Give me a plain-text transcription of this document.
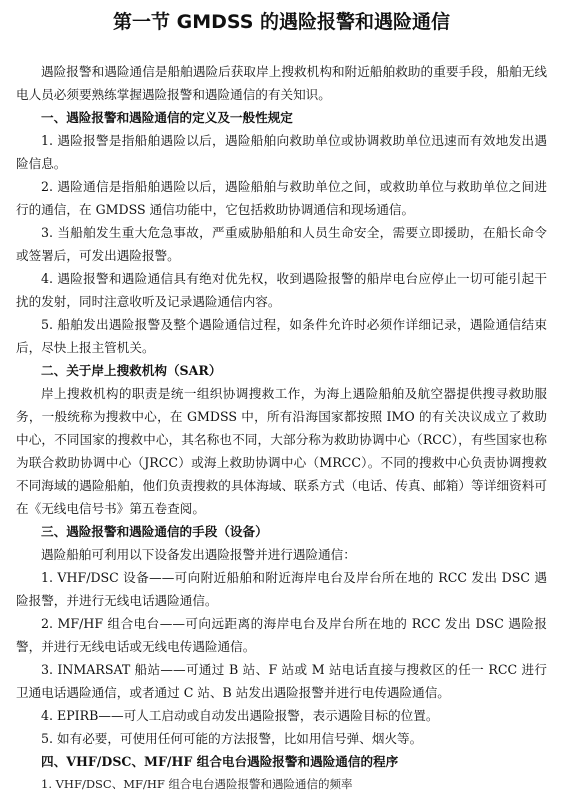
第一节 GMDSS 的遇险报警和遇险通信
遇险报警和遇险通信是船舶遇险后获取岸上搜救机构和附近船舶救助的重要手段，船舶无线电人员必须要熟练掌握遇险报警和遇险通信的有关知识。
一、遇险报警和遇险通信的定义及一般性规定
1. 遇险报警是指船舶遇险以后，遇险船舶向救助单位或协调救助单位迅速而有效地发出遇险信息。
2. 遇险通信是指船舶遇险以后，遇险船舶与救助单位之间，或救助单位与救助单位之间进行的通信，在 GMDSS 通信功能中，它包括救助协调通信和现场通信。
3. 当船舶发生重大危急事故，严重威胁船舶和人员生命安全，需要立即援助，在船长命令或签署后，可发出遇险报警。
4. 遇险报警和遇险通信具有绝对优先权，收到遇险报警的船岸电台应停止一切可能引起干扰的发射，同时注意收听及记录遇险通信内容。
5. 船舶发出遇险报警及整个遇险通信过程，如条件允许时必须作详细记录，遇险通信结束后，尽快上报主管机关。
二、关于岸上搜救机构（SAR）
岸上搜救机构的职责是统一组织协调搜救工作，为海上遇险船舶及航空器提供搜寻救助服务，一般统称为搜救中心，在 GMDSS 中，所有沿海国家都按照 IMO 的有关决议成立了救助中心，不同国家的搜救中心，其名称也不同，大部分称为救助协调中心（RCC），有些国家也称为联合救助协调中心（JRCC）或海上救助协调中心（MRCC）。不同的搜救中心负责协调搜救不同海域的遇险船舶，他们负责搜救的具体海域、联系方式（电话、传真、邮箱）等详细资料可在《无线电信号书》第五卷查阅。
三、遇险报警和遇险通信的手段（设备）
遇险船舶可利用以下设备发出遇险报警并进行遇险通信：
1. VHF/DSC 设备——可向附近船舶和附近海岸电台及岸台所在地的 RCC 发出 DSC 遇险报警，并进行无线电话遇险通信。
2. MF/HF 组合电台——可向远距离的海岸电台及岸台所在地的 RCC 发出 DSC 遇险报警，并进行无线电话或无线电传遇险通信。
3. INMARSAT 船站——可通过 B 站、F 站或 M 站电话直接与搜救区的任一 RCC 进行卫通电话遇险通信，或者通过 C 站、B 站发出遇险报警并进行电传遇险通信。
4. EPIRB——可人工启动或自动发出遇险报警，表示遇险目标的位置。
5. 如有必要，可使用任何可能的方法报警，比如用信号弹、烟火等。
四、VHF/DSC、MF/HF 组合电台遇险报警和遇险通信的程序
1. VHF/DSC、MF/HF 组合电台遇险报警和遇险通信的频率
